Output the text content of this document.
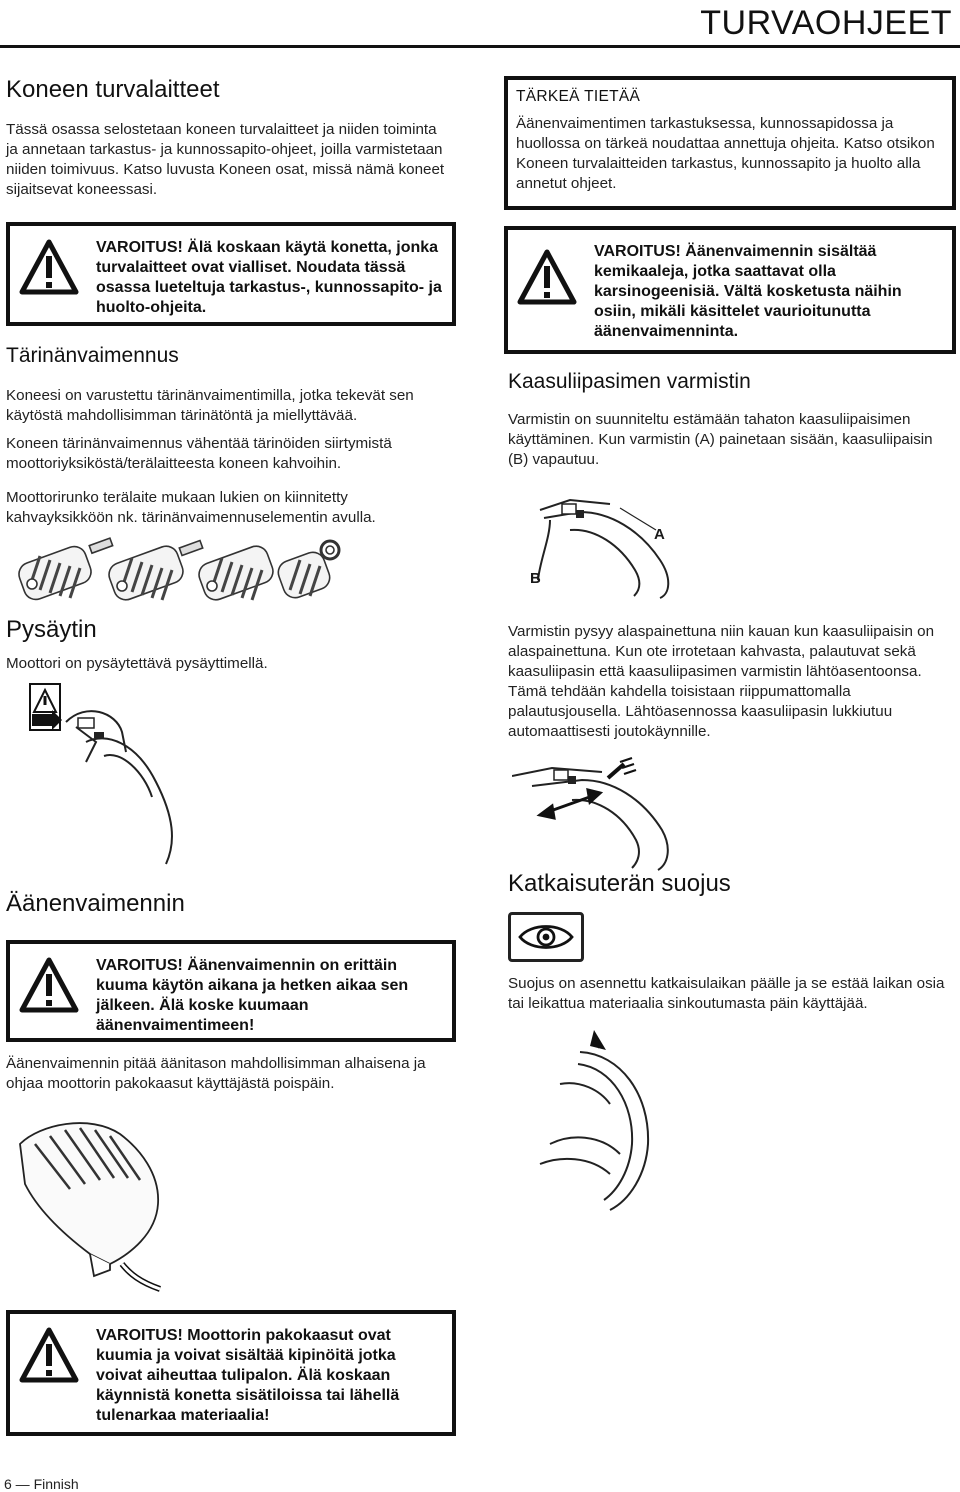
TURVAOHJEET
Koneen turvalaitteet

Tässä osassa selostetaan koneen turvalaitteet ja niiden toiminta ja annetaan tarkastus- ja kunnossapito-ohjeet, joilla varmistetaan niiden toimivuus. Katso luvusta Koneen osat, missä nämä koneet sijaitsevat koneessasi.

VAROITUS! Älä koskaan käytä konetta, jonka turvalaitteet ovat vialliset. Noudata tässä osassa lueteltuja tarkastus-, kunnossapito- ja huolto-ohjeita.
Tärinänvaimennus

Koneesi on varustettu tärinänvaimentimilla, jotka tekevät sen käytöstä mahdollisimman tärinätöntä ja miellyttävää.

Koneen tärinänvaimennus vähentää tärinöiden siirtymistä moottoriyksiköstä/terälaitteesta koneen kahvoihin.

Moottorirunko terälaite mukaan lukien on kiinnitetty kahvayksikköön nk. tärinänvaimennuselementin avulla.

Pysäytin

Moottori on pysäytettävä pysäyttimellä.

Äänenvaimennin
VAROITUS! Äänenvaimennin on erittäin kuuma käytön aikana ja hetken aikaa sen jälkeen. Älä koske kuumaan äänenvaimentimeen!

Äänenvaimennin pitää äänitason mahdollisimman alhaisena ja ohjaa moottorin pakokaasut käyttäjästä poispäin.

VAROITUS! Moottorin pakokaasut ovat kuumia ja voivat sisältää kipinöitä jotka voivat aiheuttaa tulipalon. Älä koskaan käynnistä konetta sisätiloissa tai lähellä tulenarkaa materiaalia!
TÄRKEÄ TIETÄÄ
Äänenvaimentimen tarkastuksessa, kunnossapidossa ja huollossa on tärkeä noudattaa annettuja ohjeita. Katso otsikon Koneen turvalaitteiden tarkastus, kunnossapito ja huolto alla annetut ohjeet.
VAROITUS! Äänenvaimennin sisältää kemikaaleja, jotka saattavat olla karsinogeenisiä. Vältä kosketusta näihin osiin, mikäli käsittelet vaurioitunutta äänenvaimenninta.
Kaasuliipasimen varmistin

Varmistin on suunniteltu estämään tahaton kaasuliipaisimen käyttäminen. Kun varmistin (A) painetaan sisään, kaasuliipaisin (B) vapautuu.

A
B

Varmistin pysyy alaspainettuna niin kauan kun kaasuliipaisin on alaspainettuna. Kun ote irrotetaan kahvasta, palautuvat sekä kaasuliipasin että kaasuliipasimen varmistin lähtöasentoonsa. Tämä tehdään kahdella toisistaan riippumattomalla palautusjousella. Lähtöasennossa kaasuliipasin lukkiutuu automaattisesti joutokäynnille.

Katkaisuterän suojus

Suojus on asennettu katkaisulaikan päälle ja se estää laikan osia tai leikattua materiaalia sinkoutumasta päin käyttäjää.

6 — Finnish
